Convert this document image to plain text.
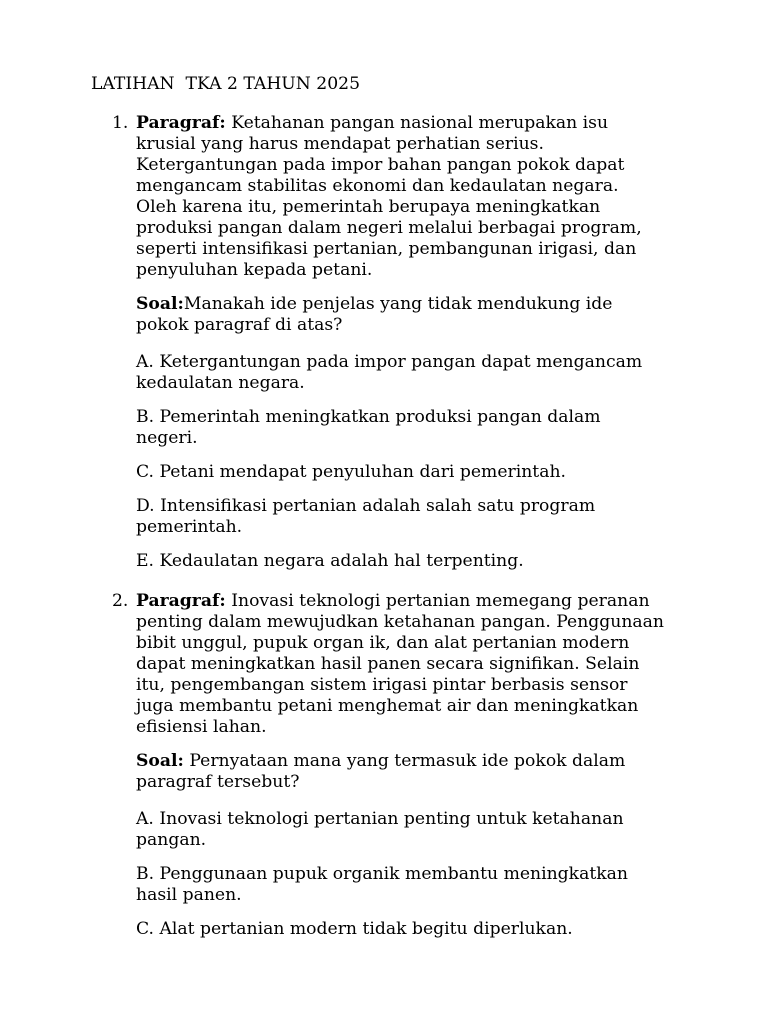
LATIHAN  TKA 2 TAHUN 2025
1. Paragraf: Ketahanan pangan nasional merupakan isu
krusial yang harus mendapat perhatian serius.
Ketergantungan pada impor bahan pangan pokok dapat
mengancam stabilitas ekonomi dan kedaulatan negara.
Oleh karena itu, pemerintah berupaya meningkatkan
produksi pangan dalam negeri melalui berbagai program,
seperti intensifikasi pertanian, pembangunan irigasi, dan
penyuluhan kepada petani.

Soal:Manakah ide penjelas yang tidak mendukung ide
pokok paragraf di atas?

A. Ketergantungan pada impor pangan dapat mengancam
kedaulatan negara.

B. Pemerintah meningkatkan produksi pangan dalam
negeri.

C. Petani mendapat penyuluhan dari pemerintah.

D. Intensifikasi pertanian adalah salah satu program
pemerintah.

E. Kedaulatan negara adalah hal terpenting.

2. Paragraf: Inovasi teknologi pertanian memegang peranan
penting dalam mewujudkan ketahanan pangan. Penggunaan
bibit unggul, pupuk organ ik, dan alat pertanian modern
dapat meningkatkan hasil panen secara signifikan. Selain
itu, pengembangan sistem irigasi pintar berbasis sensor
juga membantu petani menghemat air dan meningkatkan
efisiensi lahan.

Soal: Pernyataan mana yang termasuk ide pokok dalam
paragraf tersebut?

A. Inovasi teknologi pertanian penting untuk ketahanan
pangan.

B. Penggunaan pupuk organik membantu meningkatkan
hasil panen.

C. Alat pertanian modern tidak begitu diperlukan.
